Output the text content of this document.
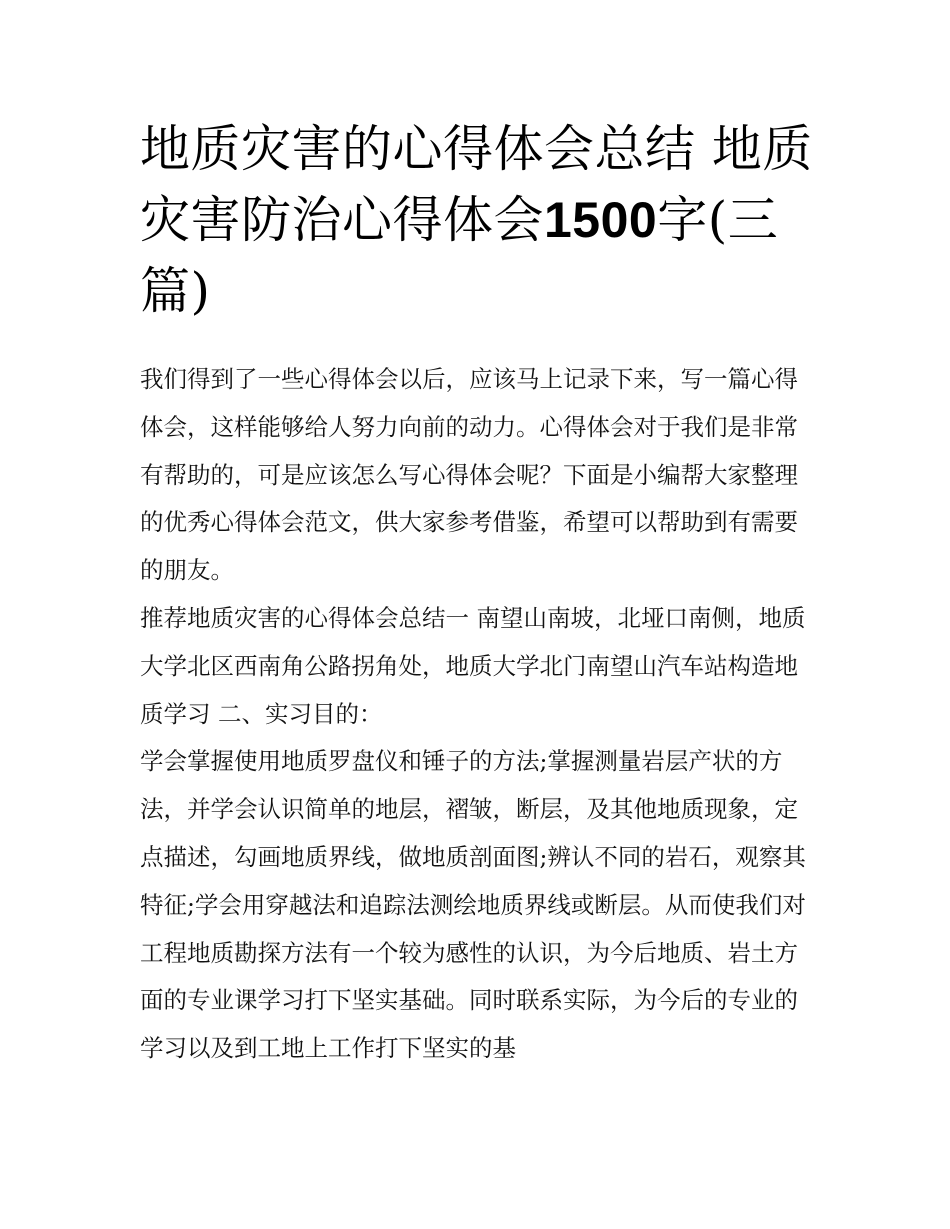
地质灾害的心得体会总结 地质灾害防治心得体会1500字(三篇)

我们得到了一些心得体会以后，应该马上记录下来，写一篇心得体会，这样能够给人努力向前的动力。心得体会对于我们是非常有帮助的，可是应该怎么写心得体会呢？下面是小编帮大家整理的优秀心得体会范文，供大家参考借鉴，希望可以帮助到有需要的朋友。

推荐地质灾害的心得体会总结一 南望山南坡，北垭口南侧，地质大学北区西南角公路拐角处，地质大学北门南望山汽车站构造地质学习 二、实习目的：

学会掌握使用地质罗盘仪和锤子的方法;掌握测量岩层产状的方法，并学会认识简单的地层，褶皱，断层，及其他地质现象，定点描述，勾画地质界线，做地质剖面图;辨认不同的岩石，观察其特征;学会用穿越法和追踪法测绘地质界线或断层。从而使我们对工程地质勘探方法有一个较为感性的认识，为今后地质、岩土方面的专业课学习打下坚实基础。同时联系实际，为今后的专业的学习以及到工地上工作打下坚实的基
